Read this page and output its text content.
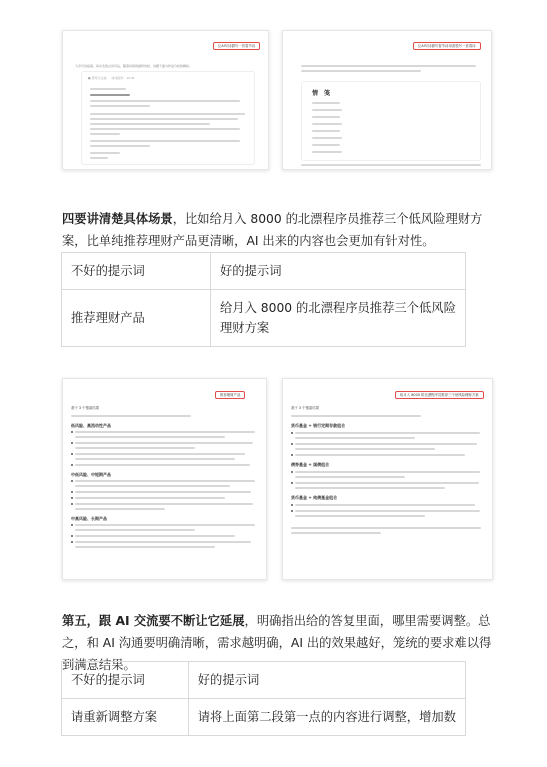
让AI写诗描写一首春节诗
大众写诗指南，每出名的古诗写法，随着时间的推移赏析，诗题下面为作品分析的解析。
● 思考已完成 · · 诗词创作 · 12:31
让AI写诗描写春节诗用喜悦写一首春诗
情　笺
四要讲清楚具体场景，比如给月入 8000 的北漂程序员推荐三个低风险理财方案，比单纯推荐理财产品更清晰，AI 出来的内容也会更加有针对性。
不好的提示词	好的提示词
推荐理财产品	给月入 8000 的北漂程序员推荐三个低风险理财方案
推荐理财产品
基于 3 个搜索结果
低风险、高流动性产品
中低风险、中短期产品
中高风险、长期产品
给月入 8000 的北漂程序员推荐三个低风险理财方案
基于 3 个搜索结果
货币基金 + 银行定期存款组合
债券基金 + 国债组合
货币基金 + 纯债基金组合
第五，跟 AI 交流要不断让它延展，明确指出给的答复里面，哪里需要调整。总之，和 AI 沟通要明确清晰，需求越明确，AI 出的效果越好，笼统的要求难以得到满意结果。
不好的提示词	好的提示词
请重新调整方案	请将上面第二段第一点的内容进行调整，增加数
